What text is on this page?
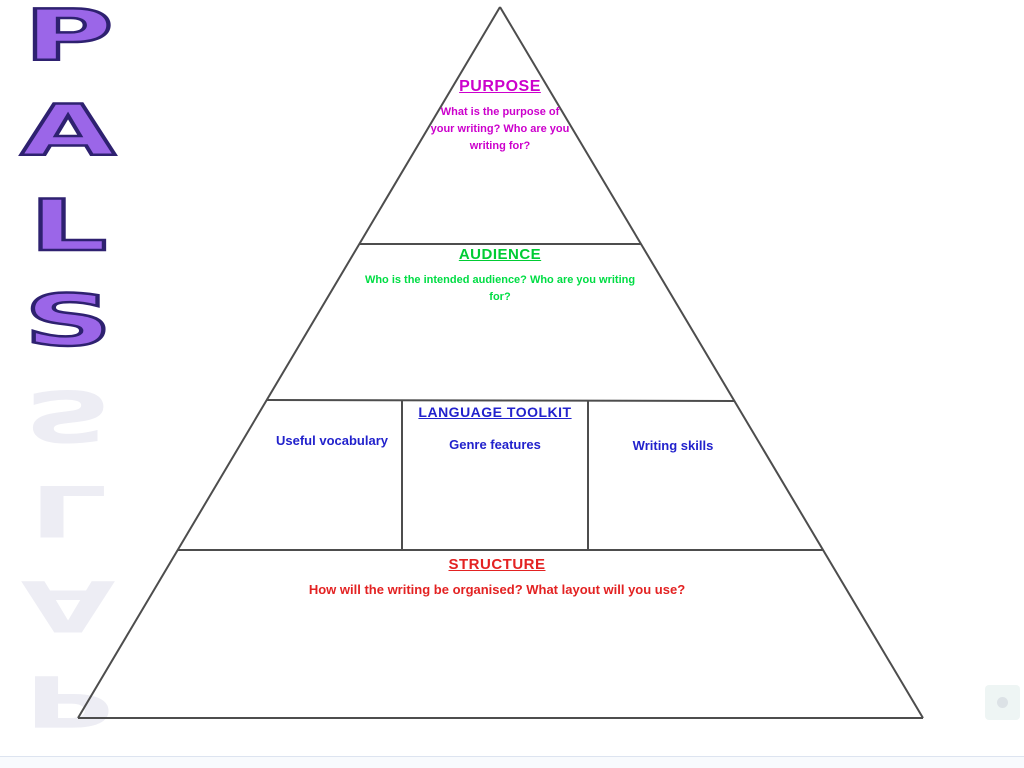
P
A
L
S
P
A
L
S
PURPOSE
What is the purpose of your writing? Who are you writing for?
AUDIENCE
Who is the intended audience? Who are you writing for?
LANGUAGE TOOLKIT
Useful vocabulary	Genre features	Writing skills
STRUCTURE
How will the writing be organised? What layout will you use?
